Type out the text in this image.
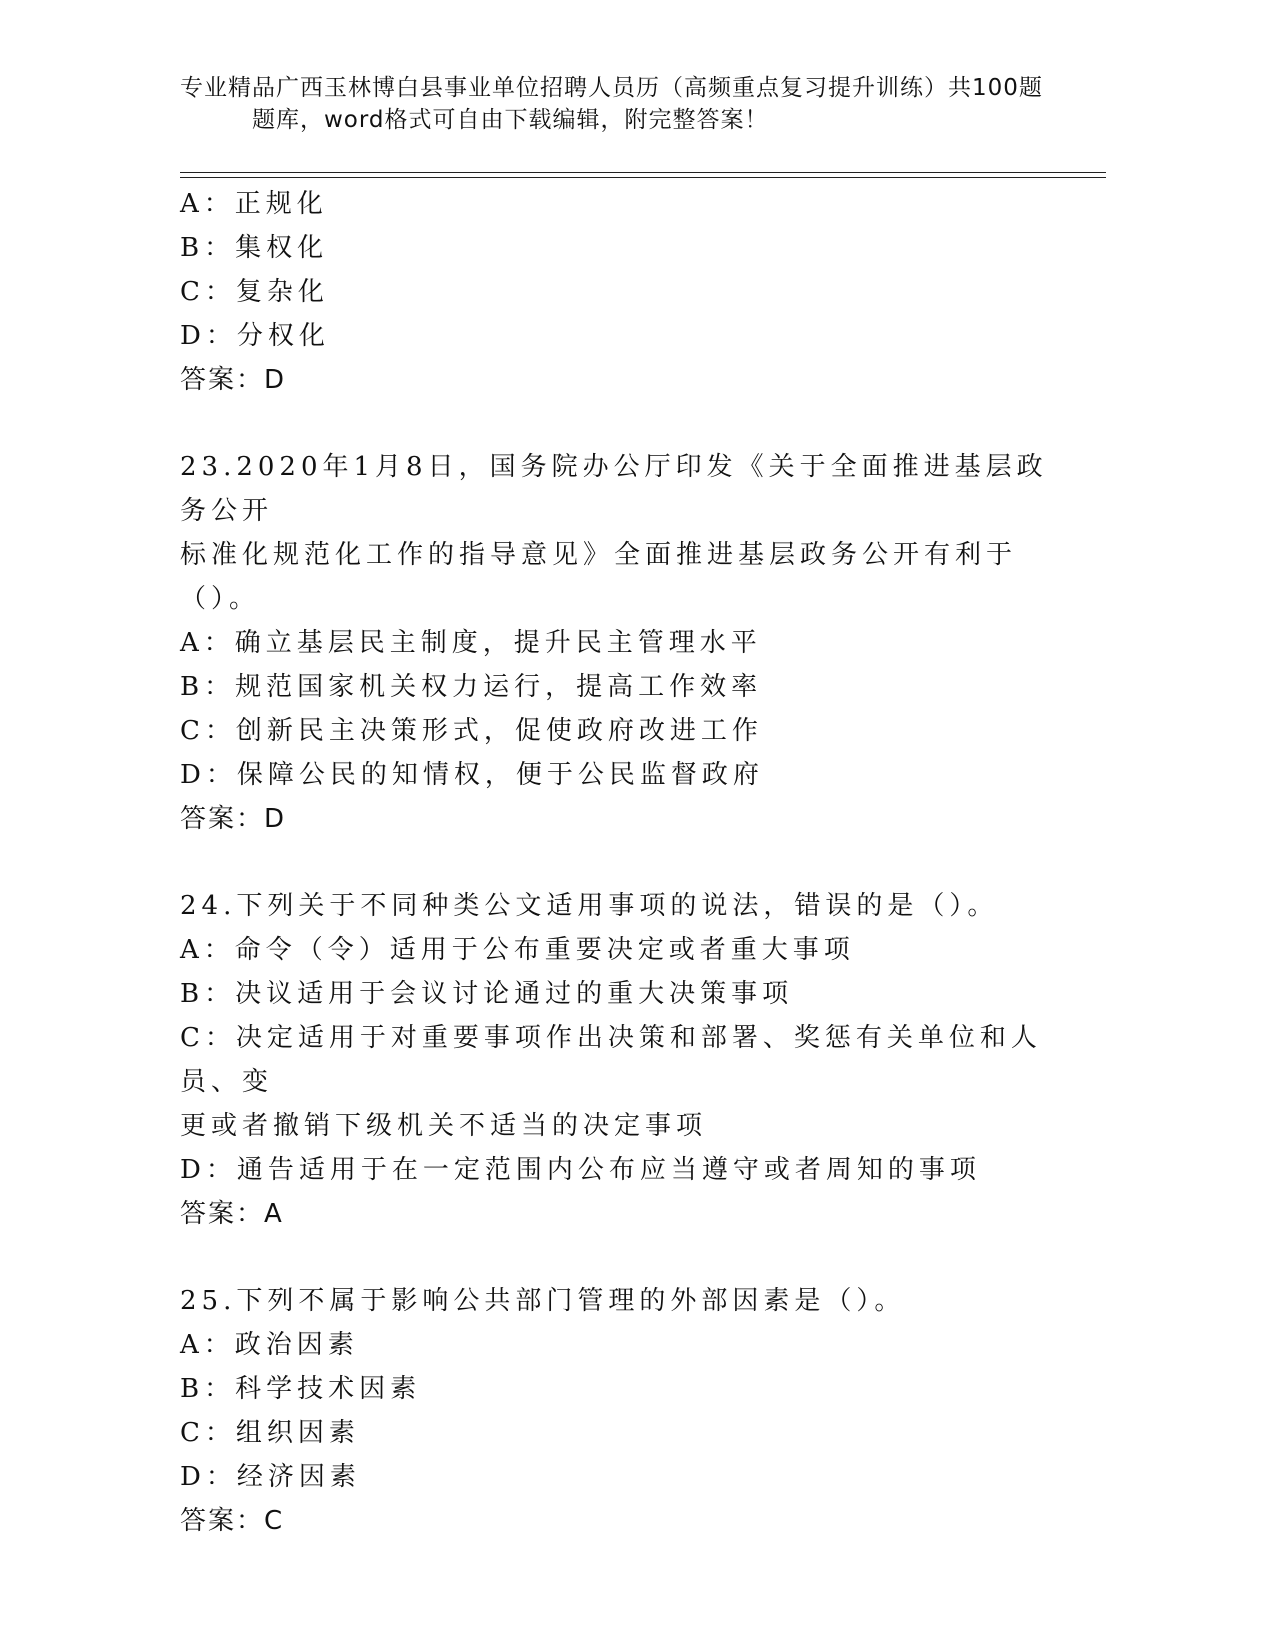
专业精品广西玉林博白县事业单位招聘人员历（高频重点复习提升训练）共100题
题库，word格式可自由下载编辑，附完整答案！

A：正规化

B：集权化

C：复杂化

D：分权化

答案：D

23.2020年1月8日，国务院办公厅印发《关于全面推进基层政务公开

标准化规范化工作的指导意见》全面推进基层政务公开有利于（）。

A：确立基层民主制度，提升民主管理水平

B：规范国家机关权力运行，提高工作效率

C：创新民主决策形式，促使政府改进工作

D：保障公民的知情权，便于公民监督政府

答案：D

24.下列关于不同种类公文适用事项的说法，错误的是（）。

A：命令（令）适用于公布重要决定或者重大事项

B：决议适用于会议讨论通过的重大决策事项

C：决定适用于对重要事项作出决策和部署、奖惩有关单位和人员、变

更或者撤销下级机关不适当的决定事项

D：通告适用于在一定范围内公布应当遵守或者周知的事项

答案：A

25.下列不属于影响公共部门管理的外部因素是（）。

A：政治因素

B：科学技术因素

C：组织因素

D：经济因素

答案：C
